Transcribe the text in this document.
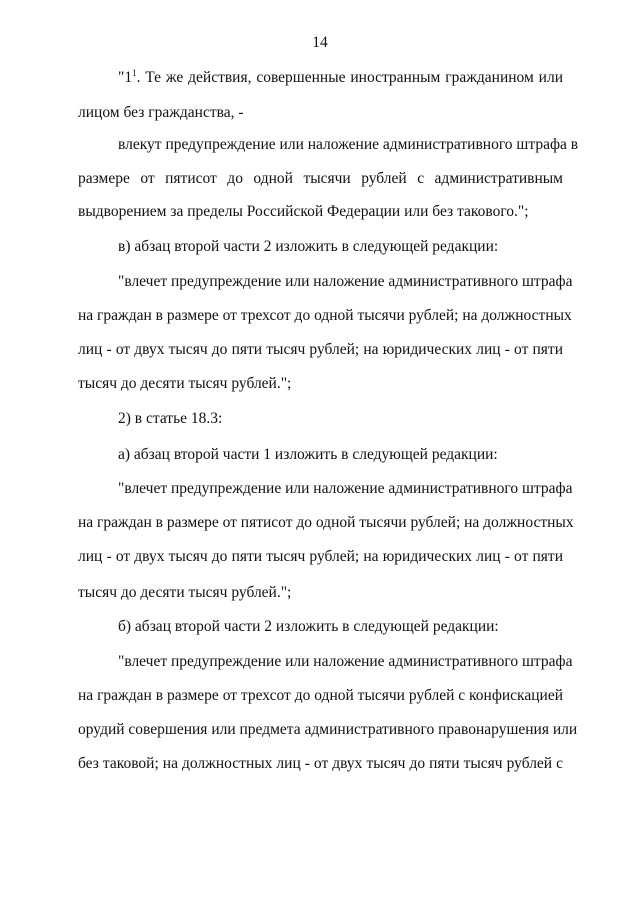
14
"$1^1$. Те же действия, совершенные иностранным гражданином или
лицом без гражданства, -
влекут предупреждение или наложение административного штрафа в
размере от пятисот до одной тысячи рублей с административным
выдворением за пределы Российской Федерации или без такового.";
в) абзац второй части 2 изложить в следующей редакции:
"влечет предупреждение или наложение административного штрафа
на граждан в размере от трехсот до одной тысячи рублей; на должностных
лиц - от двух тысяч до пяти тысяч рублей; на юридических лиц - от пяти
тысяч до десяти тысяч рублей.";
2) в статье 18.3:
а) абзац второй части 1 изложить в следующей редакции:
"влечет предупреждение или наложение административного штрафа
на граждан в размере от пятисот до одной тысячи рублей; на должностных
лиц - от двух тысяч до пяти тысяч рублей; на юридических лиц - от пяти
тысяч до десяти тысяч рублей.";
б) абзац второй части 2 изложить в следующей редакции:
"влечет предупреждение или наложение административного штрафа
на граждан в размере от трехсот до одной тысячи рублей с конфискацией
орудий совершения или предмета административного правонарушения или
без таковой; на должностных лиц - от двух тысяч до пяти тысяч рублей с
